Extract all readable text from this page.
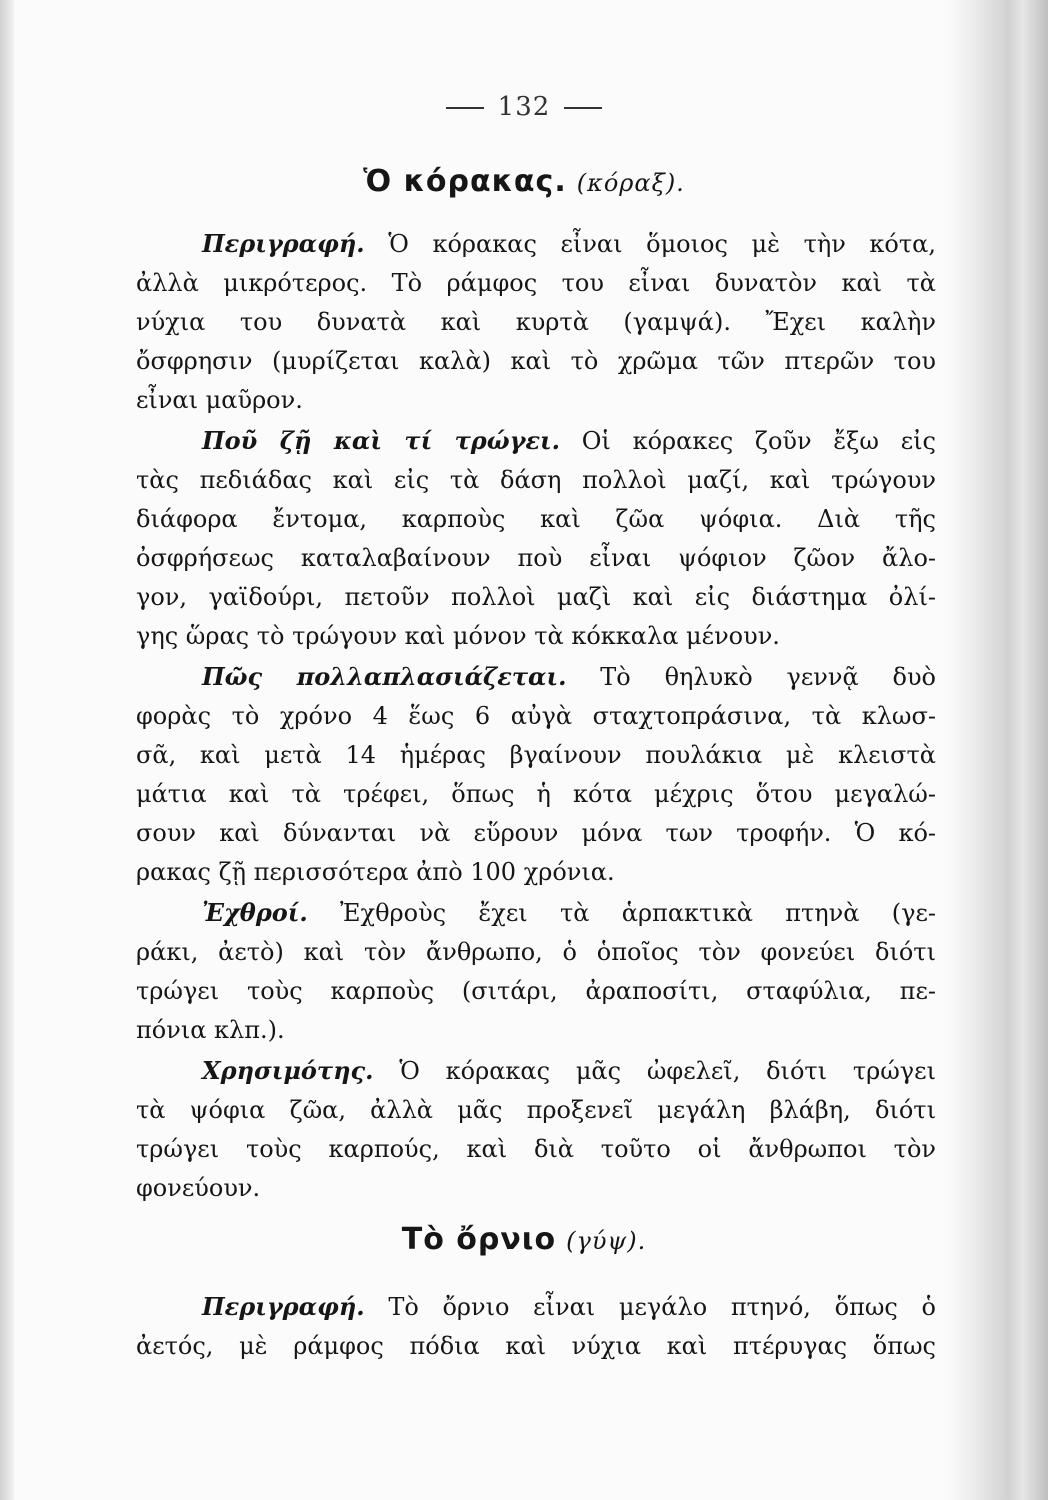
132
Ὁ κόρακας. (κόραξ).
Περιγραφή. Ὁ κόρακας εἶναι ὅμοιος μὲ τὴν κότα,
ἀλλὰ μικρότερος. Τὸ ράμφος του εἶναι δυνατὸν καὶ τὰ
νύχια του δυνατὰ καὶ κυρτὰ (γαμψά). Ἔχει καλὴν
ὄσφρησιν (μυρίζεται καλὰ) καὶ τὸ χρῶμα τῶν πτερῶν του
εἶναι μαῦρον.
Ποῦ ζῇ καὶ τί τρώγει. Οἱ κόρακες ζοῦν ἔξω εἰς
τὰς πεδιάδας καὶ εἰς τὰ δάση πολλοὶ μαζί, καὶ τρώγουν
διάφορα ἔντομα, καρποὺς καὶ ζῶα ψόφια. Διὰ τῆς
ὀσφρήσεως καταλαβαίνουν ποὺ εἶναι ψόφιον ζῶον ἄλο-
γον, γαϊδούρι, πετοῦν πολλοὶ μαζὶ καὶ εἰς διάστημα ὀλί-
γης ὥρας τὸ τρώγουν καὶ μόνον τὰ κόκκαλα μένουν.
Πῶς πολλαπλασιάζεται. Τὸ θηλυκὸ γεννᾷ δυὸ
φορὰς τὸ χρόνο 4 ἕως 6 αὐγὰ σταχτοπράσινα, τὰ κλωσ-
σᾶ, καὶ μετὰ 14 ἡμέρας βγαίνουν πουλάκια μὲ κλειστὰ
μάτια καὶ τὰ τρέφει, ὅπως ἡ κότα μέχρις ὅτου μεγαλώ-
σουν καὶ δύνανται νὰ εὕρουν μόνα των τροφήν. Ὁ κό-
ρακας ζῇ περισσότερα ἀπὸ 100 χρόνια.
Ἐχθροί. Ἐχθροὺς ἔχει τὰ ἁρπακτικὰ πτηνὰ (γε-
ράκι, ἀετὸ) καὶ τὸν ἄνθρωπο, ὁ ὁποῖος τὸν φονεύει διότι
τρώγει τοὺς καρποὺς (σιτάρι, ἀραποσίτι, σταφύλια, πε-
πόνια κλπ.).
Χρησιμότης. Ὁ κόρακας μᾶς ὠφελεῖ, διότι τρώγει
τὰ ψόφια ζῶα, ἀλλὰ μᾶς προξενεῖ μεγάλη βλάβη, διότι
τρώγει τοὺς καρπούς, καὶ διὰ τοῦτο οἱ ἄνθρωποι τὸν
φονεύουν.
Τὸ ὄρνιο (γύψ).
Περιγραφή. Τὸ ὄρνιο εἶναι μεγάλο πτηνό, ὅπως ὁ
ἀετός, μὲ ράμφος πόδια καὶ νύχια καὶ πτέρυγας ὅπως
